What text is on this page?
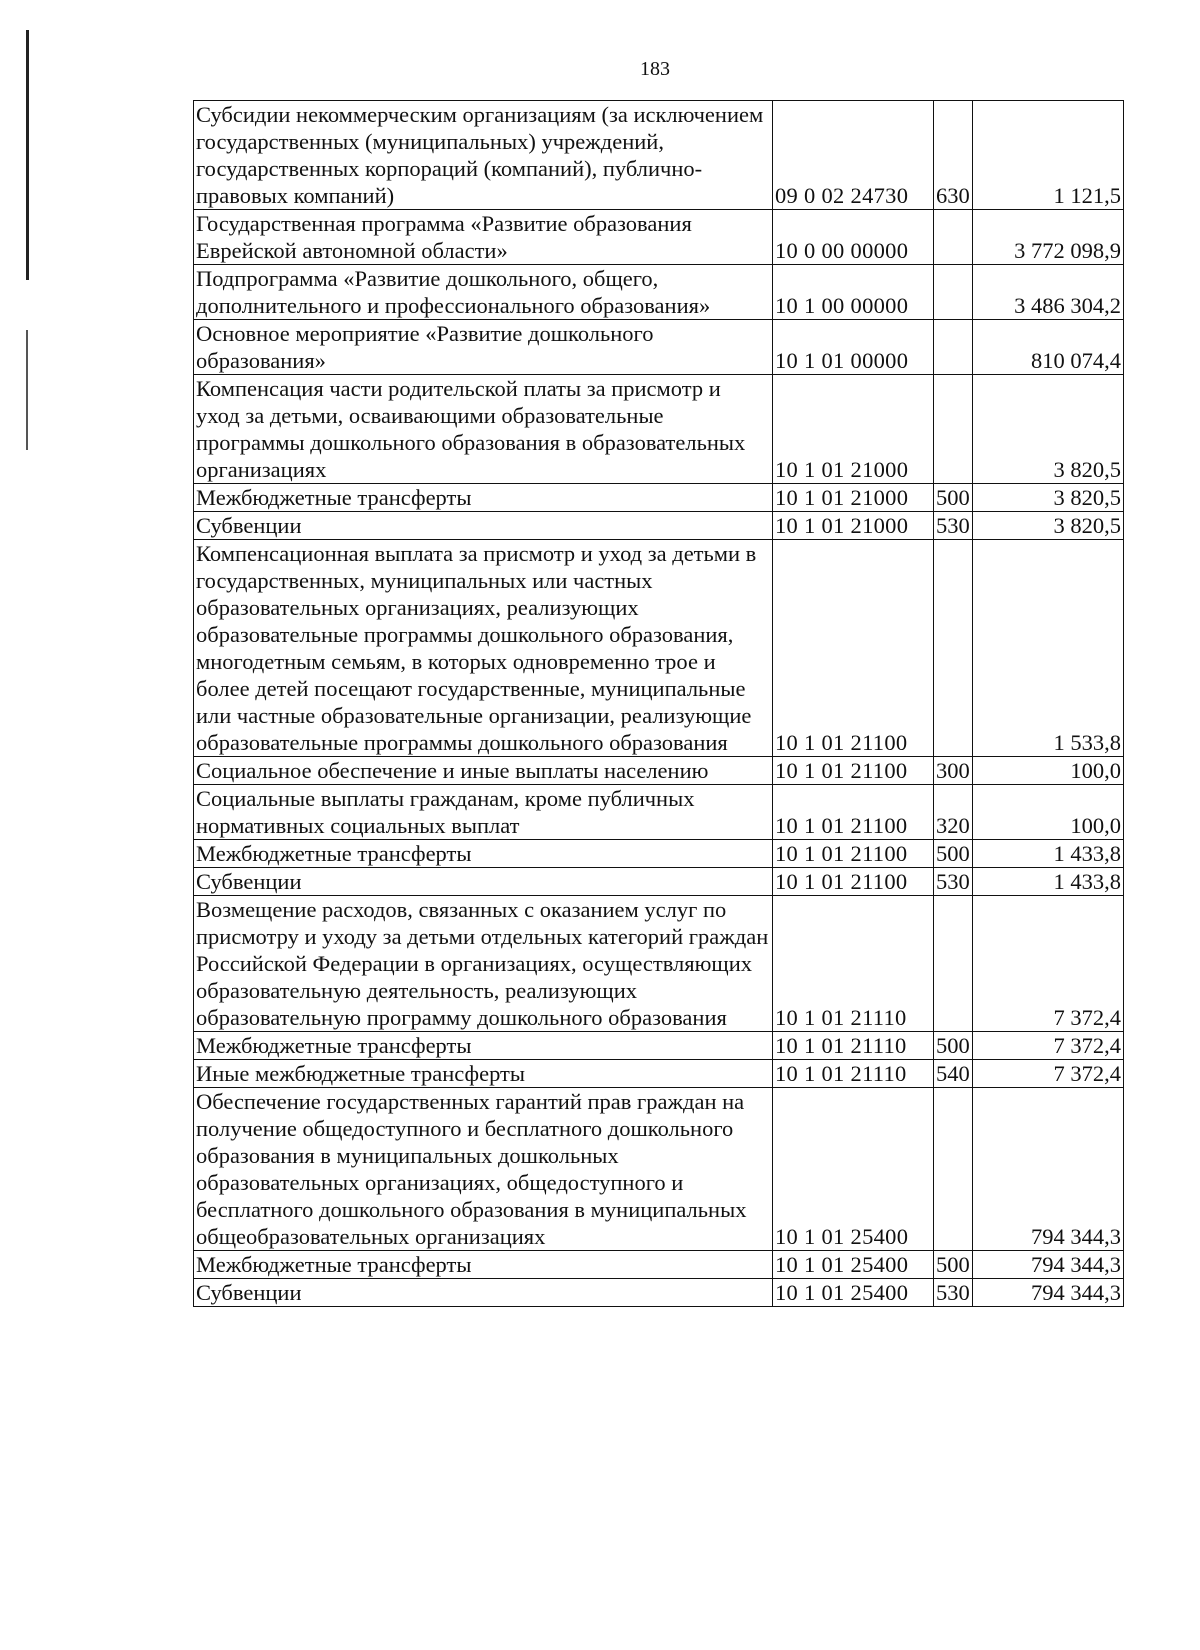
183
Субсидии некоммерческим организациям (за исключением государственных (муниципальных) учреждений, государственных корпораций (компаний), публично-правовых компаний)	09 0 02 24730	630	1 121,5
Государственная программа «Развитие образования Еврейской автономной области»	10 0 00 00000		3 772 098,9
Подпрограмма «Развитие дошкольного, общего, дополнительного и профессионального образования»	10 1 00 00000		3 486 304,2
Основное мероприятие «Развитие дошкольного образования»	10 1 01 00000		810 074,4
Компенсация части родительской платы за присмотр и уход за детьми, осваивающими образовательные программы дошкольного образования в образовательных организациях	10 1 01 21000		3 820,5
Межбюджетные трансферты	10 1 01 21000	500	3 820,5
Субвенции	10 1 01 21000	530	3 820,5
Компенсационная выплата за присмотр и уход за детьми в государственных, муниципальных или частных образовательных организациях, реализующих образовательные программы дошкольного образования, многодетным семьям, в которых одновременно трое и более детей посещают государственные, муниципальные или частные образовательные организации, реализующие образовательные программы дошкольного образования	10 1 01 21100		1 533,8
Социальное обеспечение и иные выплаты населению	10 1 01 21100	300	100,0
Социальные выплаты гражданам, кроме публичных нормативных социальных выплат	10 1 01 21100	320	100,0
Межбюджетные трансферты	10 1 01 21100	500	1 433,8
Субвенции	10 1 01 21100	530	1 433,8
Возмещение расходов, связанных с оказанием услуг по присмотру и уходу за детьми отдельных категорий граждан Российской Федерации в организациях, осуществляющих образовательную деятельность, реализующих образовательную программу дошкольного образования	10 1 01 21110		7 372,4
Межбюджетные трансферты	10 1 01 21110	500	7 372,4
Иные межбюджетные трансферты	10 1 01 21110	540	7 372,4
Обеспечение государственных гарантий прав граждан на получение общедоступного и бесплатного дошкольного образования в муниципальных дошкольных образовательных организациях, общедоступного и бесплатного дошкольного образования в муниципальных общеобразовательных организациях	10 1 01 25400		794 344,3
Межбюджетные трансферты	10 1 01 25400	500	794 344,3
Субвенции	10 1 01 25400	530	794 344,3
